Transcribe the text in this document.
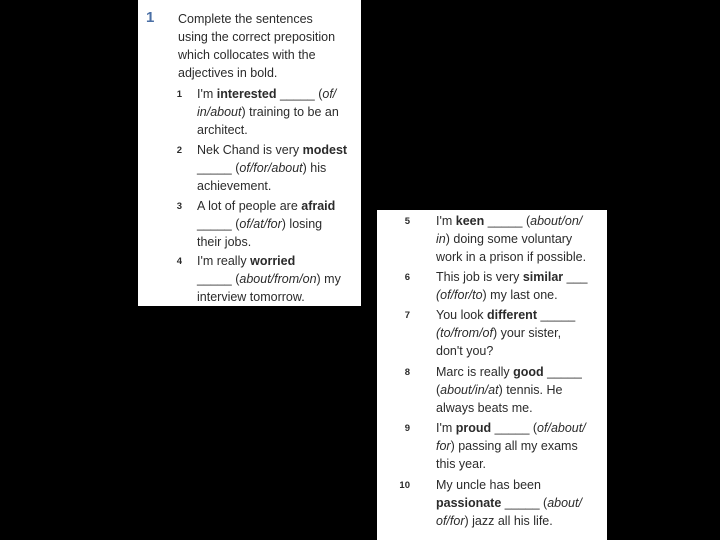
1 Complete the sentences
using the correct preposition
which collocates with the
adjectives in bold.
1 I'm interested _____ (of/
in/about) training to be an
architect.
2 Nek Chand is very modest
_____ (of/for/about) his
achievement.
3 A lot of people are afraid
_____ (of/at/for) losing
their jobs.
4 I'm really worried
_____ (about/from/on) my
interview tomorrow.
5 I'm keen _____ (about/on/
in) doing some voluntary
work in a prison if possible.
6 This job is very similar ___
(of/for/to) my last one.
7 You look different _____
(to/from/of) your sister,
don't you?
8 Marc is really good _____
(about/in/at) tennis. He
always beats me.
9 I'm proud _____ (of/about/
for) passing all my exams
this year.
10 My uncle has been
passionate _____ (about/
of/for) jazz all his life.
